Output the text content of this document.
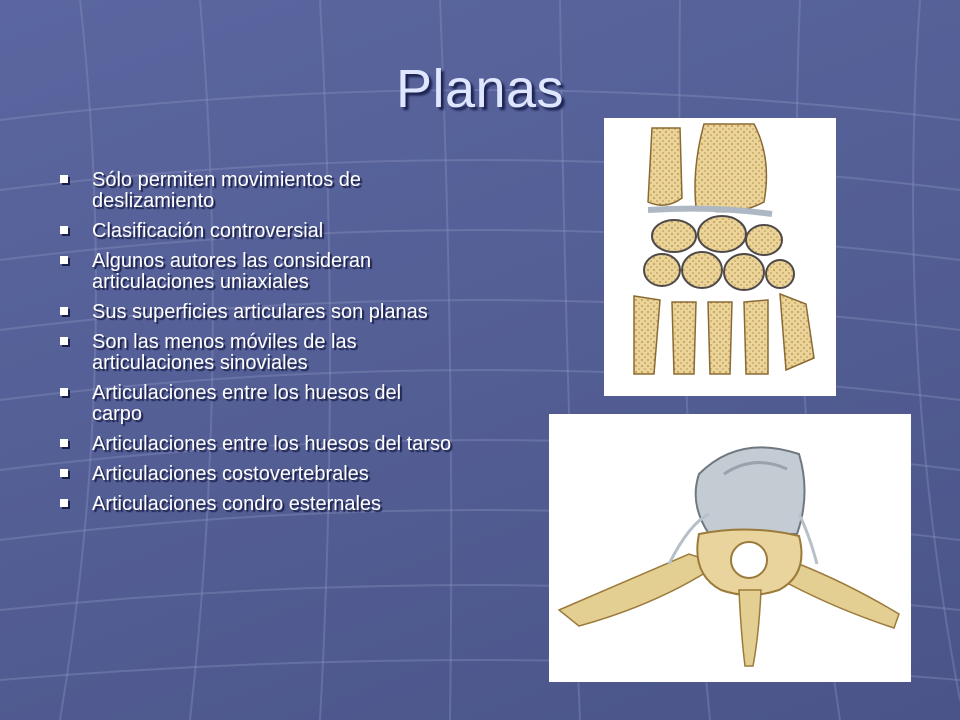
Planas
Sólo permiten movimientos de deslizamiento
Clasificación controversial
Algunos autores las consideran articulaciones uniaxiales
Sus superficies articulares son planas
Son las menos móviles de las articulaciones sinoviales
Articulaciones entre los huesos del carpo
Articulaciones entre los huesos del tarso
Articulaciones costovertebrales
Articulaciones condro esternales
